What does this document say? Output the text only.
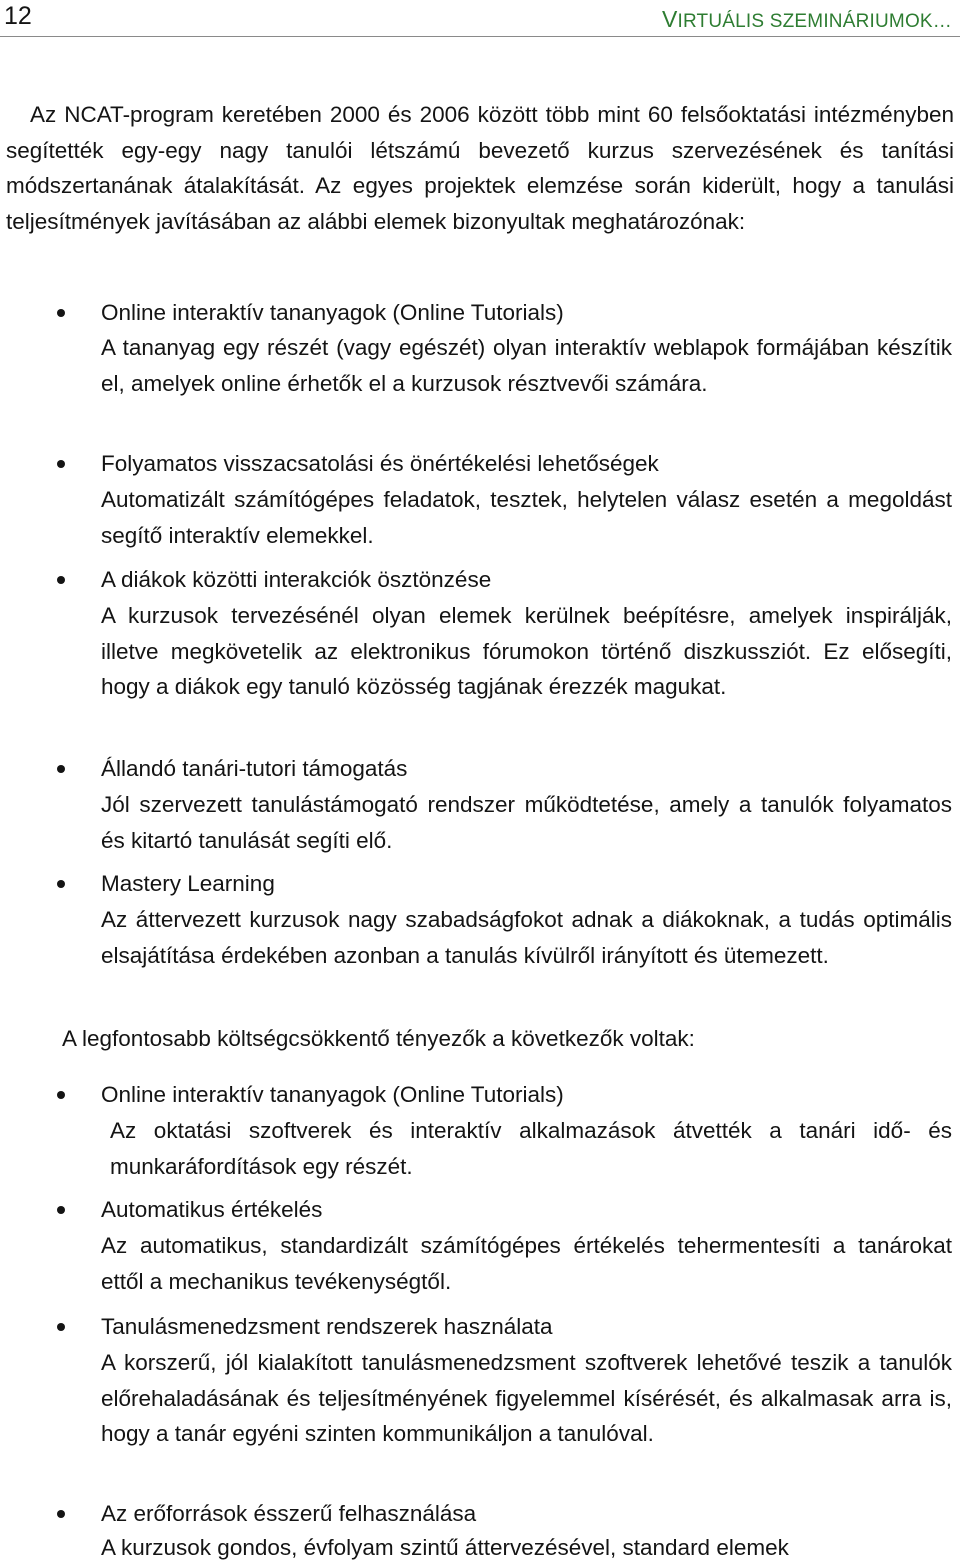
12	VIRTUÁLIS SZEMINÁRIUMOK…

Az NCAT-program keretében 2000 és 2006 között több mint 60 felsőoktatási intézményben segítették egy-egy nagy tanulói létszámú bevezető kurzus szervezésének és tanítási módszertanának átalakítását. Az egyes projektek elemzése során kiderült, hogy a tanulási teljesítmények javításában az alábbi elemek bizonyultak meghatározónak:

Online interaktív tananyagok (Online Tutorials)

A tananyag egy részét (vagy egészét) olyan interaktív weblapok formájában készítik el, amelyek online érhetők el a kurzusok résztvevői számára.

Folyamatos visszacsatolási és önértékelési lehetőségek

Automatizált számítógépes feladatok, tesztek, helytelen válasz esetén a megoldást segítő interaktív elemekkel.

A diákok közötti interakciók ösztönzése

A kurzusok tervezésénél olyan elemek kerülnek beépítésre, amelyek inspirálják, illetve megkövetelik az elektronikus fórumokon történő diszkussziót. Ez elősegíti, hogy a diákok egy tanuló közösség tagjának érezzék magukat.

Állandó tanári-tutori támogatás

Jól szervezett tanulástámogató rendszer működtetése, amely a tanulók folyamatos és kitartó tanulását segíti elő.

Mastery Learning

Az áttervezett kurzusok nagy szabadságfokot adnak a diákoknak, a tudás optimális elsajátítása érdekében azonban a tanulás kívülről irányított és ütemezett.

A legfontosabb költségcsökkentő tényezők a következők voltak:

Online interaktív tananyagok (Online Tutorials)

Az oktatási szoftverek és interaktív alkalmazások átvették a tanári idő- és munkaráfordítások egy részét.

Automatikus értékelés

Az automatikus, standardizált számítógépes értékelés tehermentesíti a tanárokat ettől a mechanikus tevékenységtől.

Tanulásmenedzsment rendszerek használata

A korszerű, jól kialakított tanulásmenedzsment szoftverek lehetővé teszik a tanulók előrehaladásának és teljesítményének figyelemmel kísérését, és alkalmasak arra is, hogy a tanár egyéni szinten kommunikáljon a tanulóval.

Az erőforrások ésszerű felhasználása

A kurzusok gondos, évfolyam szintű áttervezésével, standard elemek
